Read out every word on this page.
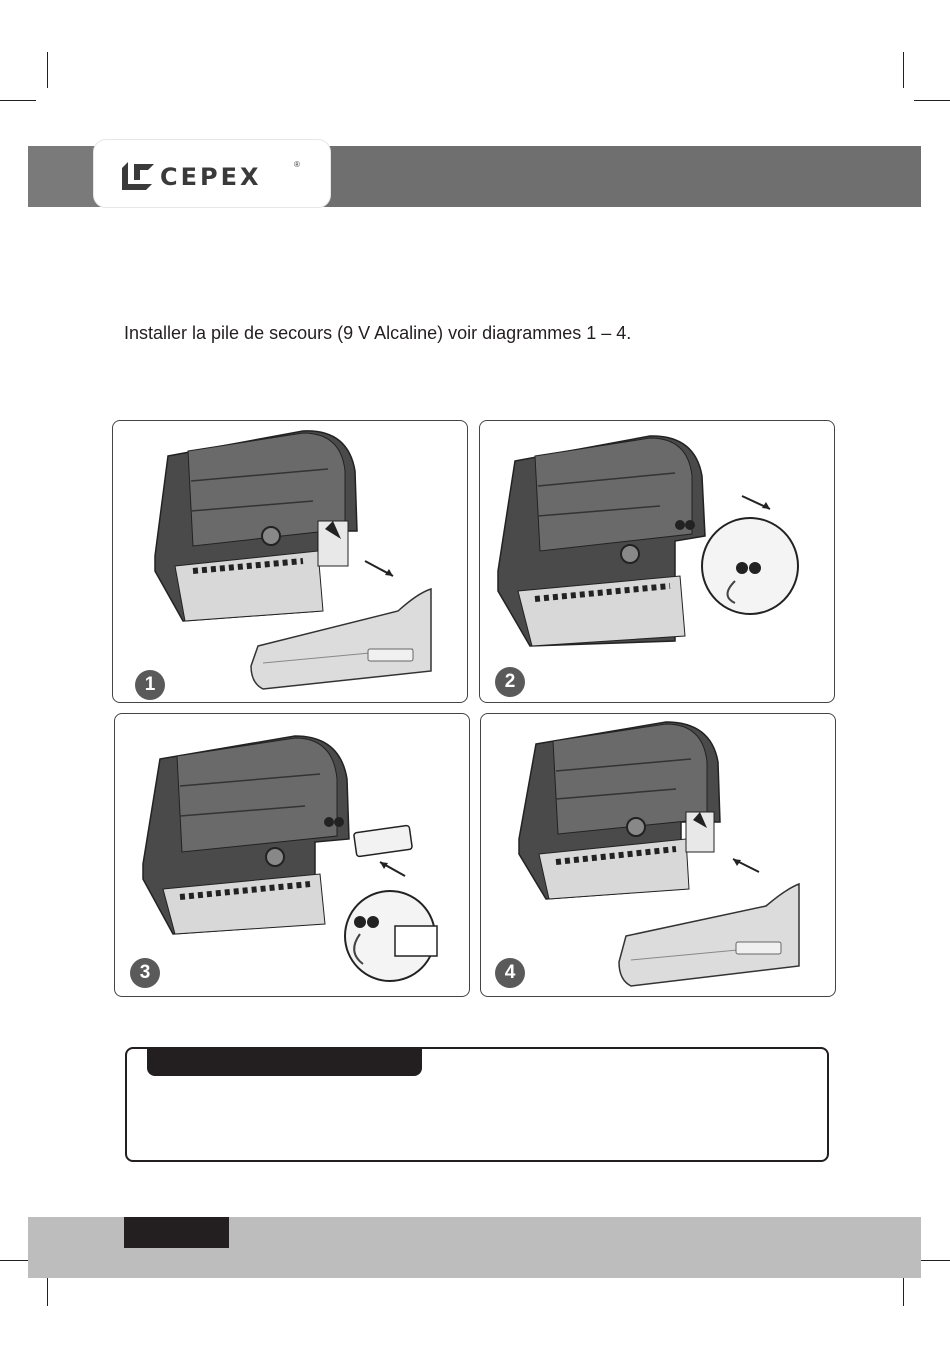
CEPEX	®
Installer la pile de secours (9 V Alcaline) voir diagrammes 1 – 4.
1	2
3	4
